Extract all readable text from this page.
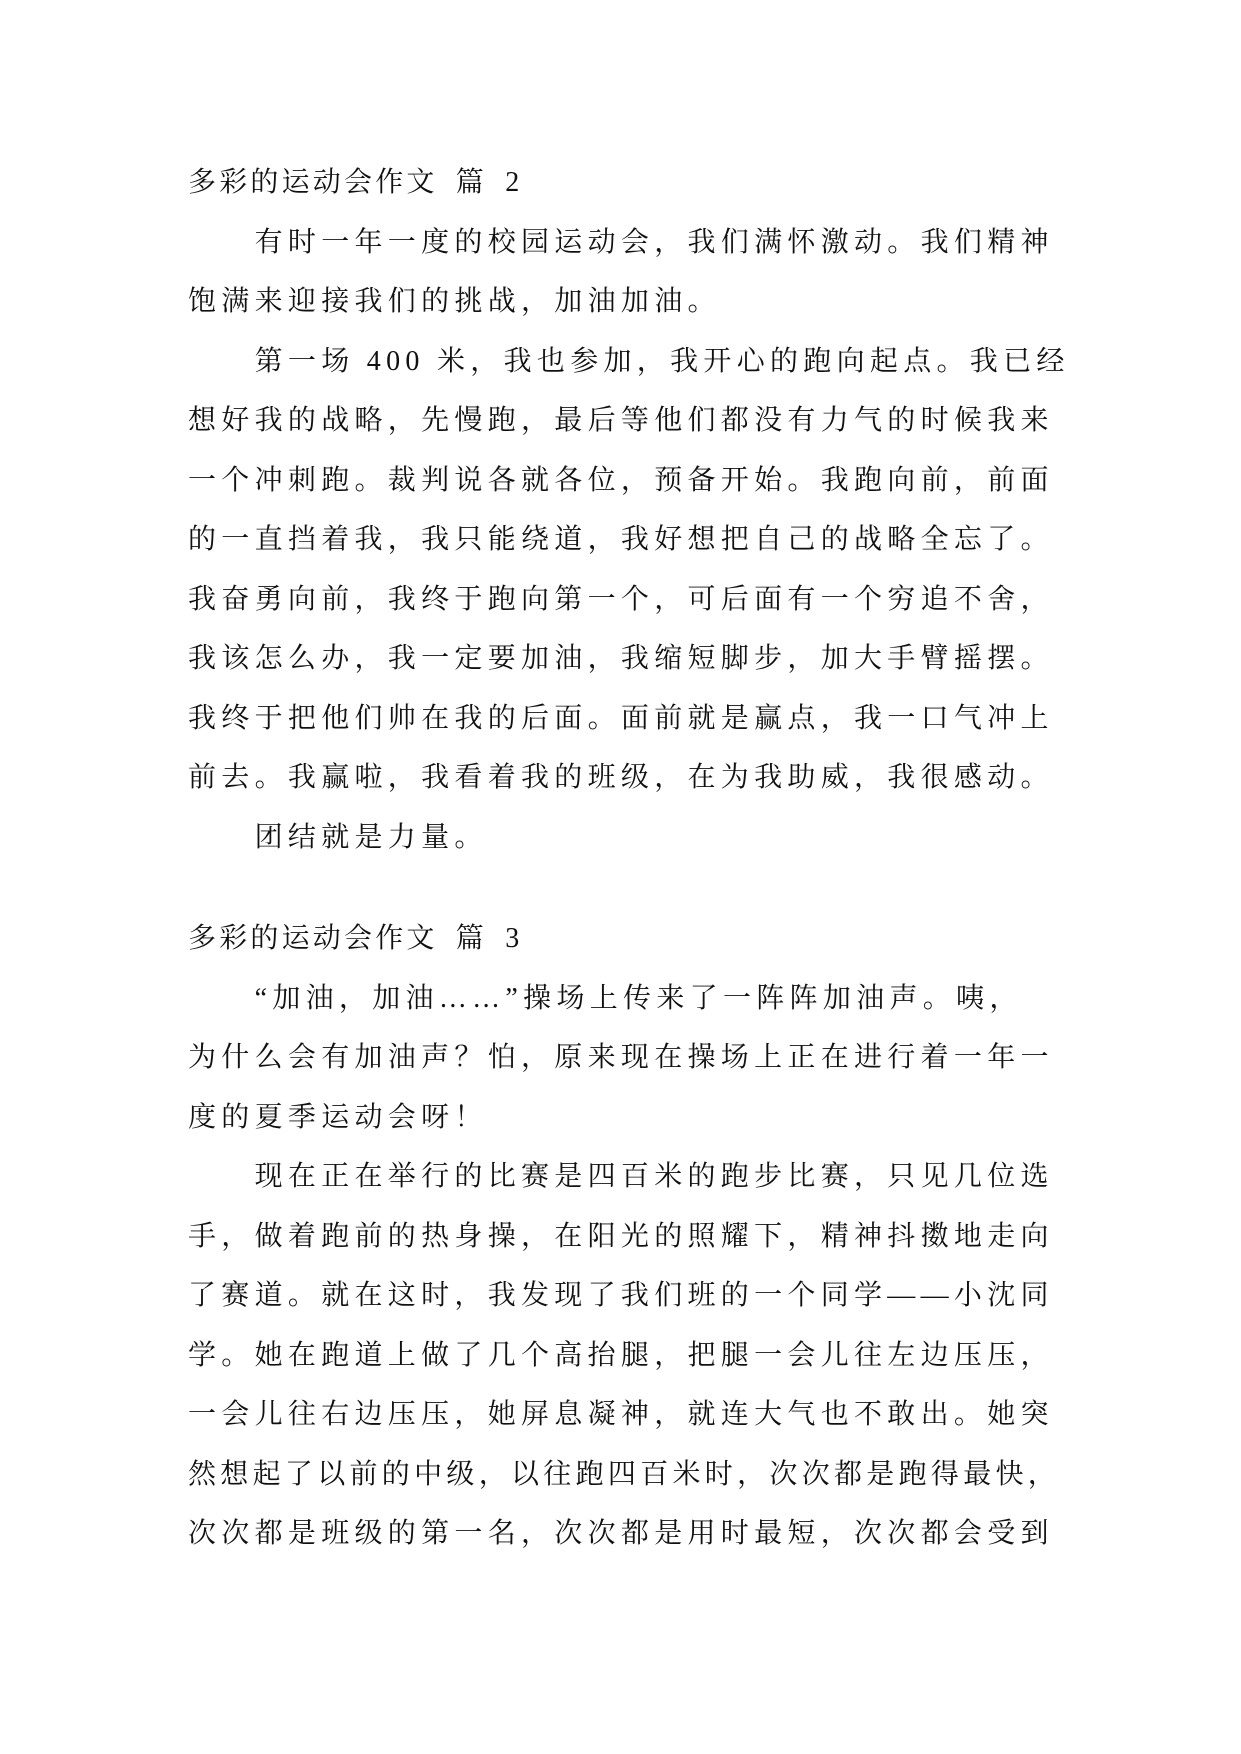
多彩的运动会作文 篇 2

有时一年一度的校园运动会，我们满怀激动。我们精神
饱满来迎接我们的挑战，加油加油。

第一场 400 米，我也参加，我开心的跑向起点。我已经
想好我的战略，先慢跑，最后等他们都没有力气的时候我来
一个冲刺跑。裁判说各就各位，预备开始。我跑向前，前面
的一直挡着我，我只能绕道，我好想把自己的战略全忘了。
我奋勇向前，我终于跑向第一个，可后面有一个穷追不舍，
我该怎么办，我一定要加油，我缩短脚步，加大手臂摇摆。
我终于把他们帅在我的后面。面前就是赢点，我一口气冲上
前去。我赢啦，我看着我的班级，在为我助威，我很感动。

团结就是力量。

多彩的运动会作文 篇 3

“加油，加油……”操场上传来了一阵阵加油声。咦，
为什么会有加油声？怕，原来现在操场上正在进行着一年一
度的夏季运动会呀！

现在正在举行的比赛是四百米的跑步比赛，只见几位选
手，做着跑前的热身操，在阳光的照耀下，精神抖擞地走向
了赛道。就在这时，我发现了我们班的一个同学——小沈同
学。她在跑道上做了几个高抬腿，把腿一会儿往左边压压，
一会儿往右边压压，她屏息凝神，就连大气也不敢出。她突
然想起了以前的中级，以往跑四百米时，次次都是跑得最快，
次次都是班级的第一名，次次都是用时最短，次次都会受到
